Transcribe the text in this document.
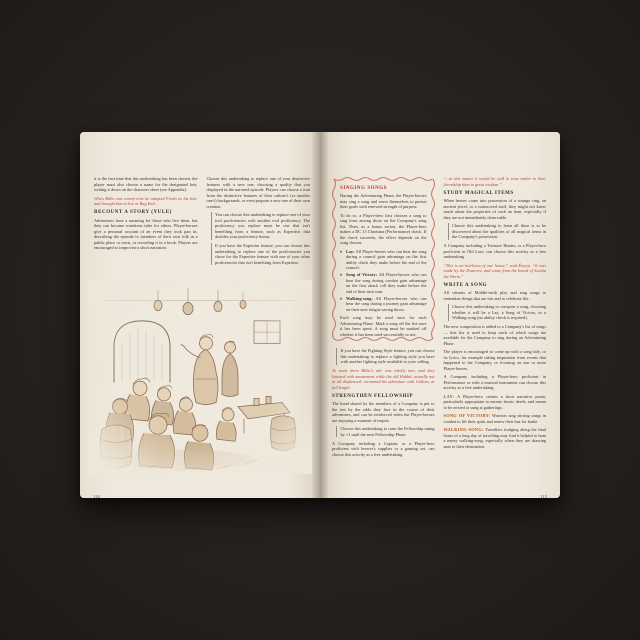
it is the first time that this undertaking has been chosen, the player must also choose a name for the designated heir, writing it down on the character sheet (see Appendix).

When Bilbo was ninety-nine he adopted Frodo as his heir, and brought him to live at Bag End...

RECOUNT A STORY (YULE)

Adventures have a meaning for those who live them, but they can become wondrous tales for others. Player-heroes give a personal account of an event they took part in, describing the episode to members of their own folk in a public place or town, or recording it in a book. Players are encouraged to improvise a short narration.

Choose this undertaking to replace one of your distinctive features with a new one, choosing a quality that you displayed in the narrated episode. Players can choose a trait from the distinctive features of their culture's (or another one's) backgrounds, or even propose a new one of their own creation.

You can choose this undertaking to replace one of your tool proficiencies with another tool proficiency. The proficiency you replace must be one that isn't benefiting from a feature, such as Expertise, that doubles your proficiency bonus.

If you have the Expertise feature, you can choose this undertaking to replace one of the proficiencies you chose for the Expertise feature with one of your other proficiencies that isn't benefiting from Expertise.

114
SINGING SONGS

During the Adventuring Phase, the Player-heroes may sing a song and rouse themselves to pursue their goals with renewed strength of purpose.

To do so, a Player-hero first chooses a song to sing from among those on the Company's song list. Then, as a bonus action, the Player-hero makes a DC 15 Charisma (Performance) check. If the check succeeds, the effect depends on the song chosen:

♦ Lay: All Player-heroes who can hear the song during a council gain advantage on the first ability check they make before the end of the council.
♦ Song of Victory: All Player-heroes who can hear the song during combat gain advantage on the first attack roll they make before the end of their next turn.
♦ Walking-song: All Player-heroes who can hear the song during a journey gain advantage on their next fatigue saving throw.

Each song may be used once for each Adventuring Phase. Mark a song off the list once it has been spent. A song must be marked off whether it has been used successfully or not.

If you have the Fighting Style feature, you can choose this undertaking to replace a fighting style you have with another fighting style available to your calling.

To some there Bilbo's tale was wholly new, and they listened with amazement while the old Hobbit, actually not at all displeased, recounted his adventure with Gollum, at full length.

STRENGTHEN FELLOWSHIP

The bond shared by the members of a Company is put to the test by the odds they face in the course of their adventures, and can be reinforced when the Player-heroes are enjoying a moment of respite.

Choose this undertaking to raise the Fellowship rating by +1 until the next Fellowship Phase.

A Company including a Captain, or a Player-hero proficient with brewer's supplies or a gaming set, can choose this activity as a free undertaking.

“...in this matter it would be well to trust rather to their friendship than to great wisdom.”

STUDY MAGICAL ITEMS

When heroes come into possession of a strange ring, an ancient jewel, or a runescored staff, they might not know much about the properties of such an item, especially if they are not immediately observable.

Choose this undertaking to learn all there is to be discovered about the qualities of all magical items in the Company's possession.

A Company including a Treasure Hunter, or a Player-hero proficient in Old Lore, can choose this activity as a free undertaking.

“This is an heirloom of our house,” said Éowyn. “It was made by the Dwarves, and came from the hoard of Scatha the Worm.”

WRITE A SONG

All citizens of Middle-earth play and sing songs to remember things that are fair and to celebrate life.

Choose this undertaking to compose a song, choosing whether it will be a Lay, a Song of Victory, or a Walking-song (no ability check is required).

The new composition is added to a Company's list of songs — this list is used to keep track of which songs are available for the Company to sing during an Adventuring Phase.

The player is encouraged to come up with a song title, or its lyrics, for example taking inspiration from events that happened to the Company, or focusing on one or more Player-heroes.

A Company including a Player-hero proficient in Performance or with a musical instrument can choose this activity as a free undertaking.

LAY: A Player-hero creates a short narrative poem, particularly appropriate to narrate heroic deeds, and meant to be recited or sung at gatherings.

SONG OF VICTORY: Warriors sing stirring songs in combat to lift their spirit and renew their lust for battle.

WALKING-SONG: Travellers trudging along the final hours of a long day of travelling may find it helpful to hum a merry walking-song, especially when they are drawing near to their destination.

115
